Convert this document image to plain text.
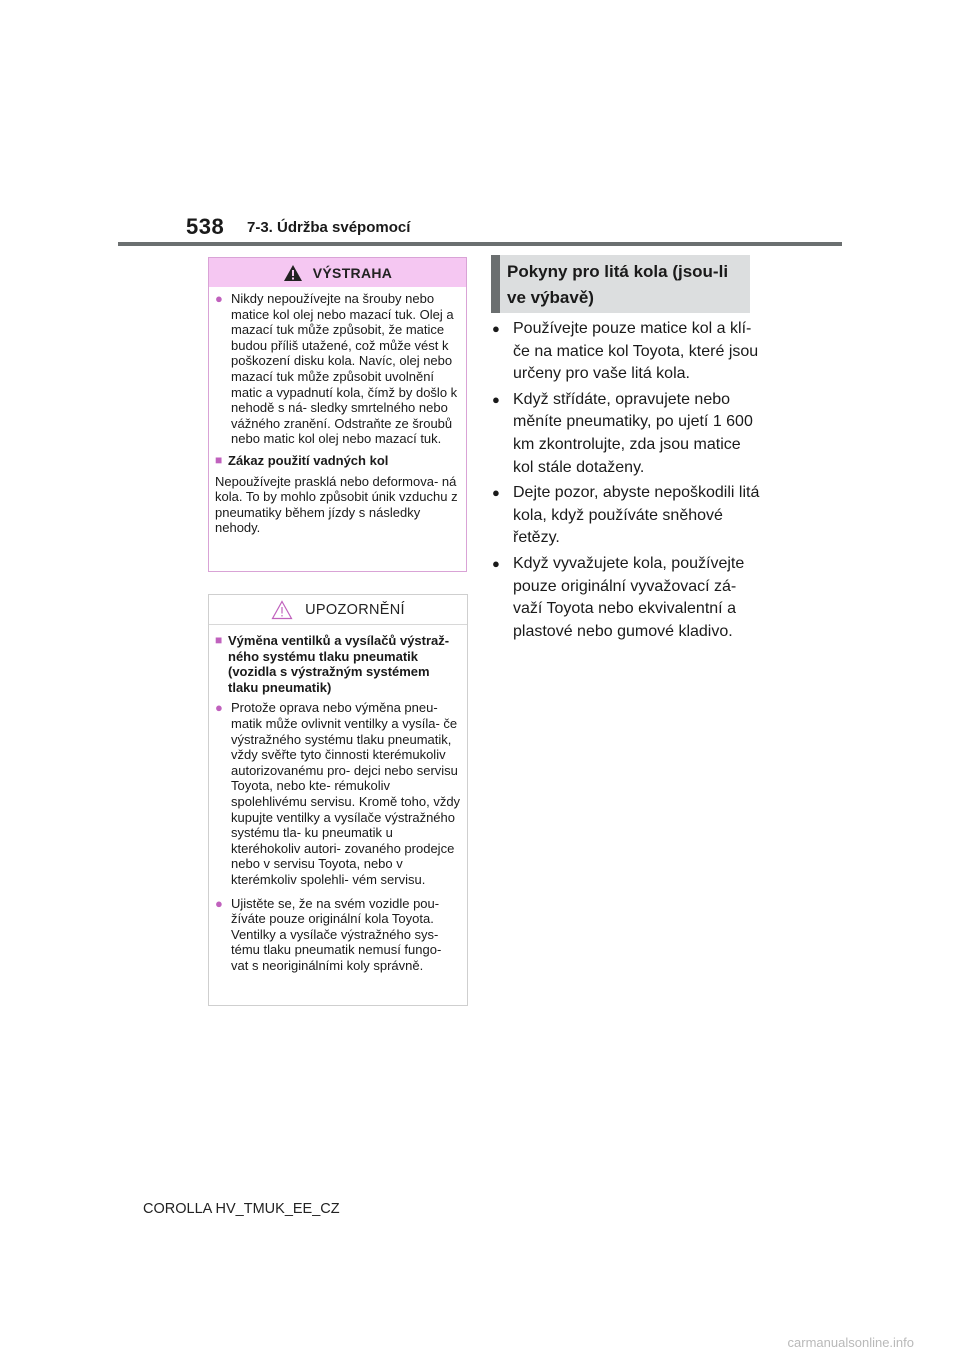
538 7-3. Údržba svépomocí
VÝSTRAHA
● Nikdy nepoužívejte na šrouby nebo matice kol olej nebo mazací tuk. Olej a mazací tuk může způsobit, že matice budou příliš utažené, což může vést k poškození disku kola. Navíc, olej nebo mazací tuk může způsobit uvolnění matic a vypadnutí kola, čímž by došlo k nehodě s ná- sledky smrtelného nebo vážného zranění. Odstraňte ze šroubů nebo matic kol olej nebo mazací tuk.
■ Zákaz použití vadných kol
Nepoužívejte prasklá nebo deformova- ná kola. To by mohlo způsobit únik vzduchu z pneumatiky během jízdy s následky nehody.
UPOZORNĚNÍ
■ Výměna ventilků a vysílačů výstraž- ného systému tlaku pneumatik (vozidla s výstražným systémem tlaku pneumatik)
● Protože oprava nebo výměna pneu- matik může ovlivnit ventilky a vysíla- če výstražného systému tlaku pneumatik, vždy svěřte tyto činnosti kterémukoliv autorizovanému pro- dejci nebo servisu Toyota, nebo kte- rémukoliv spolehlivému servisu. Kromě toho, vždy kupujte ventilky a vysílače výstražného systému tla- ku pneumatik u kteréhokoliv autori- zovaného prodejce nebo v servisu Toyota, nebo v kterémkoliv spolehli- vém servisu.
● Ujistěte se, že na svém vozidle pou- žíváte pouze originální kola Toyota. Ventilky a vysílače výstražného sys- tému tlaku pneumatik nemusí fungo- vat s neoriginálními koly správně.
Pokyny pro litá kola (jsou-li ve výbavě)
● Používejte pouze matice kol a klí- če na matice kol Toyota, které jsou určeny pro vaše litá kola.
● Když střídáte, opravujete nebo měníte pneumatiky, po ujetí 1 600 km zkontrolujte, zda jsou matice kol stále dotaženy.
● Dejte pozor, abyste nepoškodili litá kola, když používáte sněhové řetězy.
● Když vyvažujete kola, používejte pouze originální vyvažovací zá- važí Toyota nebo ekvivalentní a plastové nebo gumové kladivo.
COROLLA HV_TMUK_EE_CZ
carmanualsonline.info
